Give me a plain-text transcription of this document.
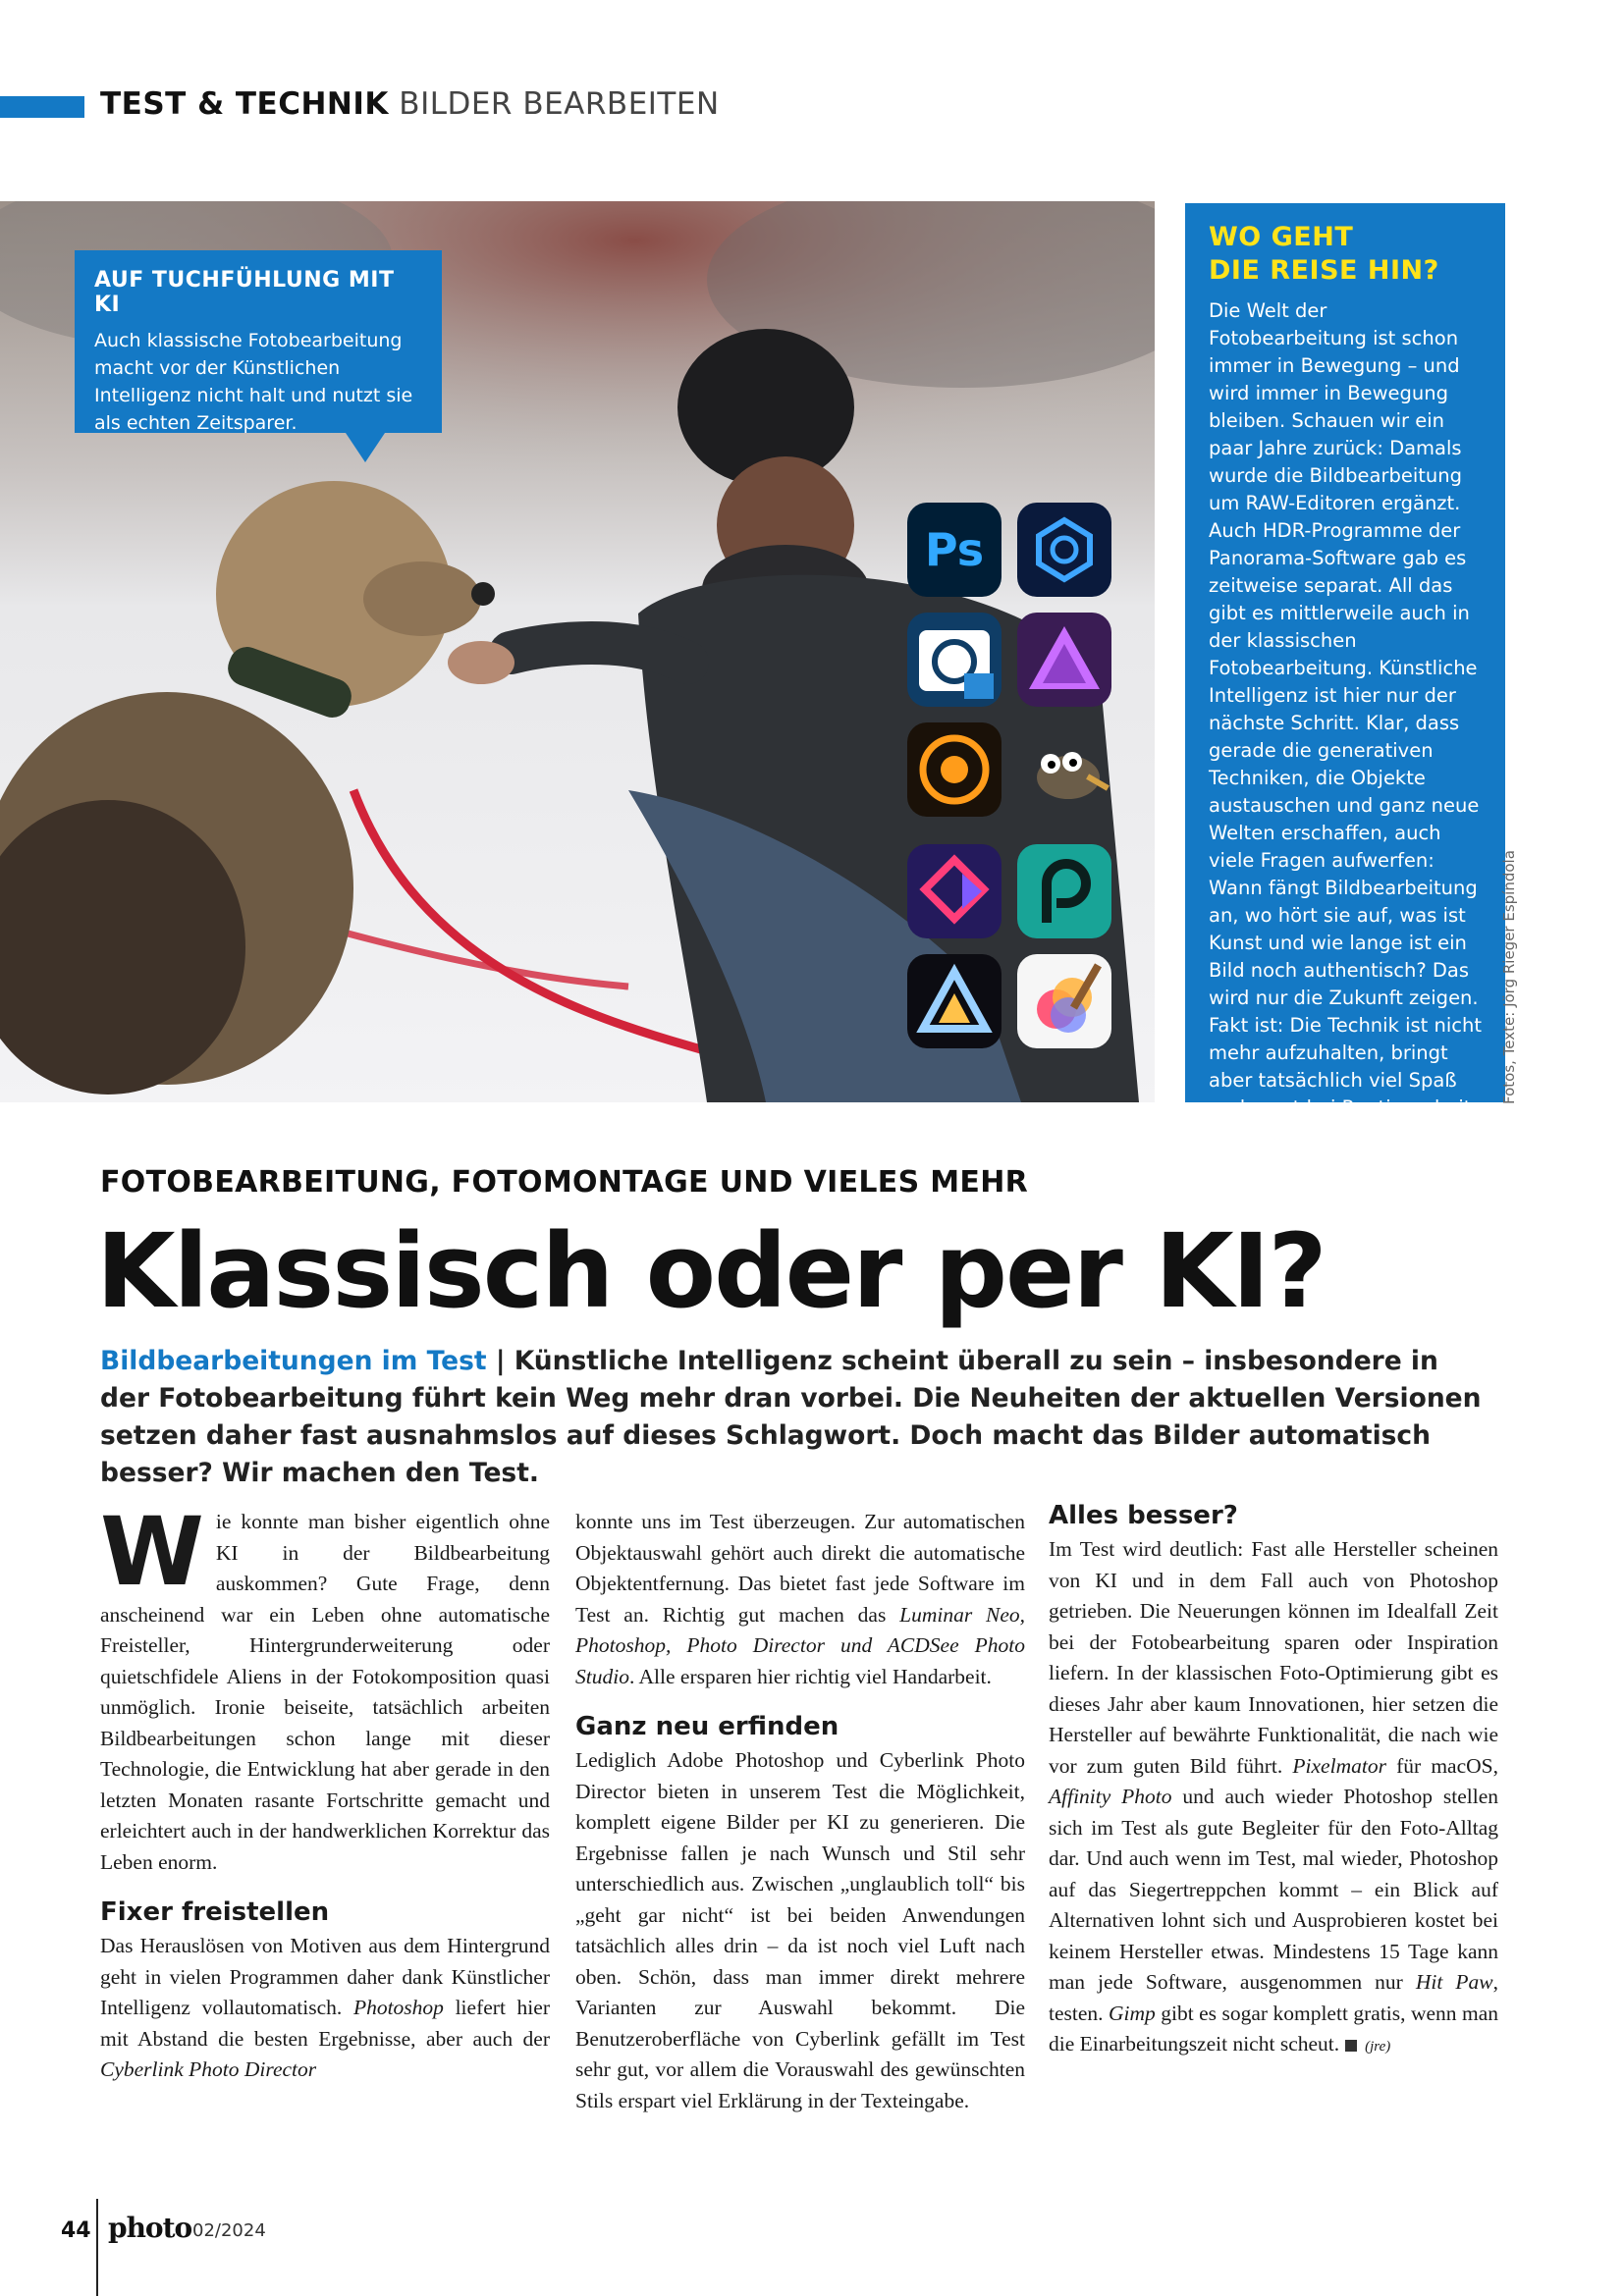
TEST & TECHNIK BILDER BEARBEITEN
Ps
AUF TUCHFÜHLUNG MIT KI
Auch klassische Fotobearbeitung macht vor der Künstlichen Intelligenz nicht halt und nutzt sie als echten Zeitsparer.
WO GEHT
DIE REISE HIN?
Die Welt der Fotobearbeitung ist schon immer in Bewegung – und wird immer in Bewegung bleiben. Schauen wir ein paar Jahre zurück: Damals wurde die Bildbearbeitung um RAW-Editoren ergänzt. Auch HDR-Programme der Panorama-Software gab es zeitweise separat. All das gibt es mittlerweile auch in der klassischen Fotobearbeitung. Künstliche Intelligenz ist hier nur der nächste Schritt. Klar, dass gerade die generativen Techniken, die Objekte austauschen und ganz neue Welten erschaffen, auch viele Fragen aufwerfen: Wann fängt Bildbearbeitung an, wo hört sie auf, was ist Kunst und wie lange ist ein Bild noch authentisch? Das wird nur die Zukunft zeigen. Fakt ist: Die Technik ist nicht mehr aufzuhalten, bringt aber tatsächlich viel Spaß und spart bei Routinearbeit richtig Zeit.
Fotos, Texte: Jörg Rieger Espíndola
FOTOBEARBEITUNG, FOTOMONTAGE UND VIELES MEHR
Klassisch oder per KI?
Bildbearbeitungen im Test | Künstliche Intelligenz scheint überall zu sein – insbesondere in der Fotobearbeitung führt kein Weg mehr dran vorbei. Die Neuheiten der aktuellen Versionen setzen daher fast ausnahmslos auf dieses Schlagwort. Doch macht das Bilder automatisch besser? Wir machen den Test.

Wie konnte man bisher eigentlich ohne KI in der Bildbearbeitung auskommen? Gute Frage, denn anscheinend war ein Leben ohne automatische Freisteller, Hintergrunderweiterung oder quietschfidele Aliens in der Fotokomposition quasi unmöglich. Ironie beiseite, tatsächlich arbeiten Bildbearbeitungen schon lange mit dieser Technologie, die Entwicklung hat aber gerade in den letzten Monaten rasante Fortschritte gemacht und erleichtert auch in der handwerklichen Korrektur das Leben enorm.

Fixer freistellen

Das Herauslösen von Motiven aus dem Hintergrund geht in vielen Programmen daher dank Künstlicher Intelligenz vollautomatisch. Photoshop liefert hier mit Abstand die besten Ergebnisse, aber auch der Cyberlink Photo Director

konnte uns im Test überzeugen. Zur automatischen Objektauswahl gehört auch direkt die automatische Objektentfernung. Das bietet fast jede Software im Test an. Richtig gut machen das Luminar Neo, Photoshop, Photo Director und ACDSee Photo Studio. Alle ersparen hier richtig viel Handarbeit.

Ganz neu erfinden

Lediglich Adobe Photoshop und Cyberlink Photo Director bieten in unserem Test die Möglichkeit, komplett eigene Bilder per KI zu generieren. Die Ergebnisse fallen je nach Wunsch und Stil sehr unterschiedlich aus. Zwischen „unglaublich toll“ bis „geht gar nicht“ ist bei beiden Anwendungen tatsächlich alles drin – da ist noch viel Luft nach oben. Schön, dass man immer direkt mehrere Varianten zur Auswahl bekommt. Die Benutzeroberfläche von Cyberlink gefällt im Test sehr gut, vor allem die Vorauswahl des gewünschten Stils erspart viel Erklärung in der Texteingabe.

Alles besser?

Im Test wird deutlich: Fast alle Hersteller scheinen von KI und in dem Fall auch von Photoshop getrieben. Die Neuerungen können im Idealfall Zeit bei der Fotobearbeitung sparen oder Inspiration liefern. In der klassischen Foto-Optimierung gibt es dieses Jahr aber kaum Innovationen, hier setzen die Hersteller auf bewährte Funktionalität, die nach wie vor zum guten Bild führt. Pixelmator für macOS, Affinity Photo und auch wieder Photoshop stellen sich im Test als gute Begleiter für den Foto-Alltag dar. Und auch wenn im Test, mal wieder, Photoshop auf das Siegertreppchen kommt – ein Blick auf Alternativen lohnt sich und Ausprobieren kostet bei keinem Hersteller etwas. Mindestens 15 Tage kann man jede Software, ausgenommen nur Hit Paw, testen. Gimp gibt es sogar komplett gratis, wenn man die Einarbeitungszeit nicht scheut. (jre)

44 photo 02/2024
